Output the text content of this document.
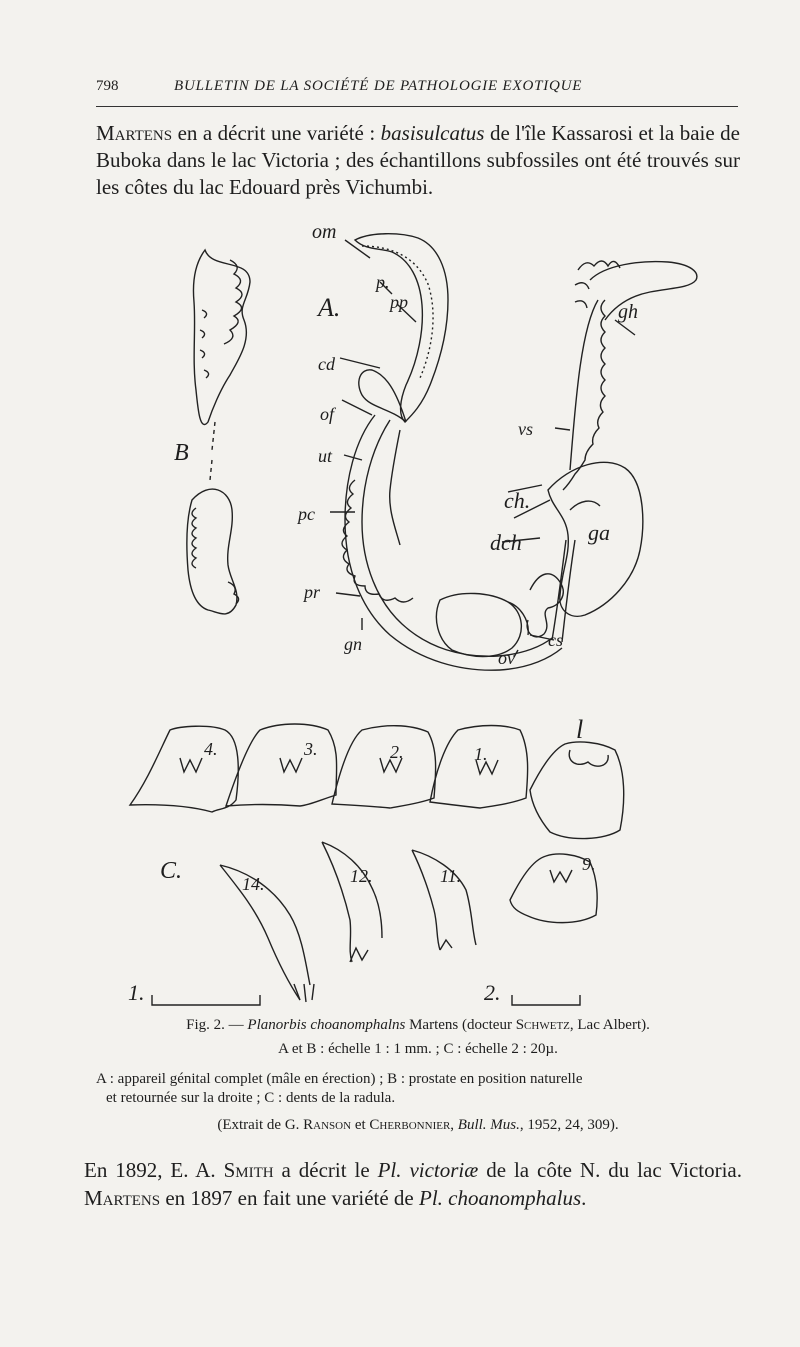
798	BULLETIN DE LA SOCIÉTÉ DE PATHOLOGIE EXOTIQUE
Martens en a décrit une variété : basisulcatus de l'île Kassarosi et la baie de Buboka dans le lac Victoria ; des échantillons subfossiles ont été trouvés sur les côtes du lac Edouard près Vichumbi.
om
p.
pp
A.
cd
of
ut
pc
pr
gn
ov
cs
dch
ch.
ga
vs
gh
B
C.
4.	3.	2.	1.
l
14.	12.	11.
9.
1.	2.
Fig. 2. — Planorbis choanomphalns Martens (docteur Schwetz, Lac Albert).
A et B : échelle 1 : 1 mm. ; C : échelle 2 : 20µ.
A : appareil génital complet (mâle en érection) ; B : prostate en position naturelle
et retournée sur la droite ; C : dents de la radula.
(Extrait de G. Ranson et Cherbonnier, Bull. Mus., 1952, 24, 309).
En 1892, E. A. Smith a décrit le Pl. victoriæ de la côte N. du lac Victoria. Martens en 1897 en fait une variété de Pl. choanomphalus.
